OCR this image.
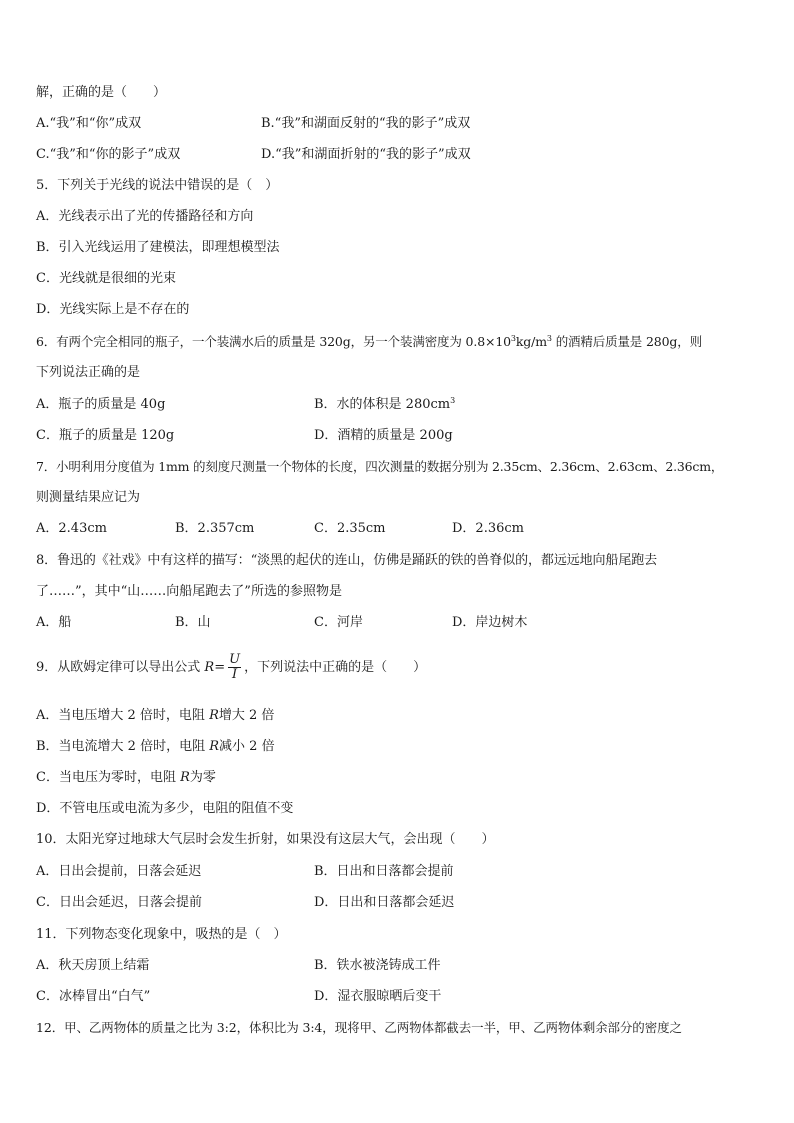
解，正确的是（　　）
A.“我”和“你”成双	B.“我”和湖面反射的“我的影子”成双
C.“我”和“你的影子”成双	D.“我”和湖面折射的“我的影子”成双
5．下列关于光线的说法中错误的是（　）
A．光线表示出了光的传播路径和方向
B．引入光线运用了建模法，即理想模型法
C．光线就是很细的光束
D．光线实际上是不存在的
6．有两个完全相同的瓶子，一个装满水后的质量是 320g，另一个装满密度为 $0.8\times 10^3kg/m^3$ 的酒精后质量是 280g，则
下列说法正确的是
A．瓶子的质量是 40g	B．水的体积是 $280cm^3$
C．瓶子的质量是 120g	D．酒精的质量是 200g
7．小明利用分度值为 1mm 的刻度尺测量一个物体的长度，四次测量的数据分别为 2.35cm、2.36cm、2.63cm、2.36cm，
则测量结果应记为
A．2.43cm	B．2.357cm	C．2.35cm	D．2.36cm
8．鲁迅的《社戏》中有这样的描写：“淡黑的起伏的连山，仿佛是踊跃的铁的兽脊似的，都远远地向船尾跑去
了……”，其中“山……向船尾跑去了”所选的参照物是
A．船	B．山	C．河岸	D．岸边树木
9．从欧姆定律可以导出公式 $R= \frac{U}{I}$ ，下列说法中正确的是（　　）
A．当电压增大 2 倍时，电阻 R增大 2 倍
B．当电流增大 2 倍时，电阻 R减小 2 倍
C．当电压为零时，电阻 R为零
D．不管电压或电流为多少，电阻的阻值不变
10．太阳光穿过地球大气层时会发生折射，如果没有这层大气，会出现（　　）
A．日出会提前，日落会延迟	B．日出和日落都会提前
C．日出会延迟，日落会提前	D．日出和日落都会延迟
11．下列物态变化现象中，吸热的是（　）
A．秋天房顶上结霜	B．铁水被浇铸成工件
C．冰棒冒出“白气”	D．湿衣服晾晒后变干
12．甲、乙两物体的质量之比为 3:2，体积比为 3:4，现将甲、乙两物体都截去一半，甲、乙两物体剩余部分的密度之
